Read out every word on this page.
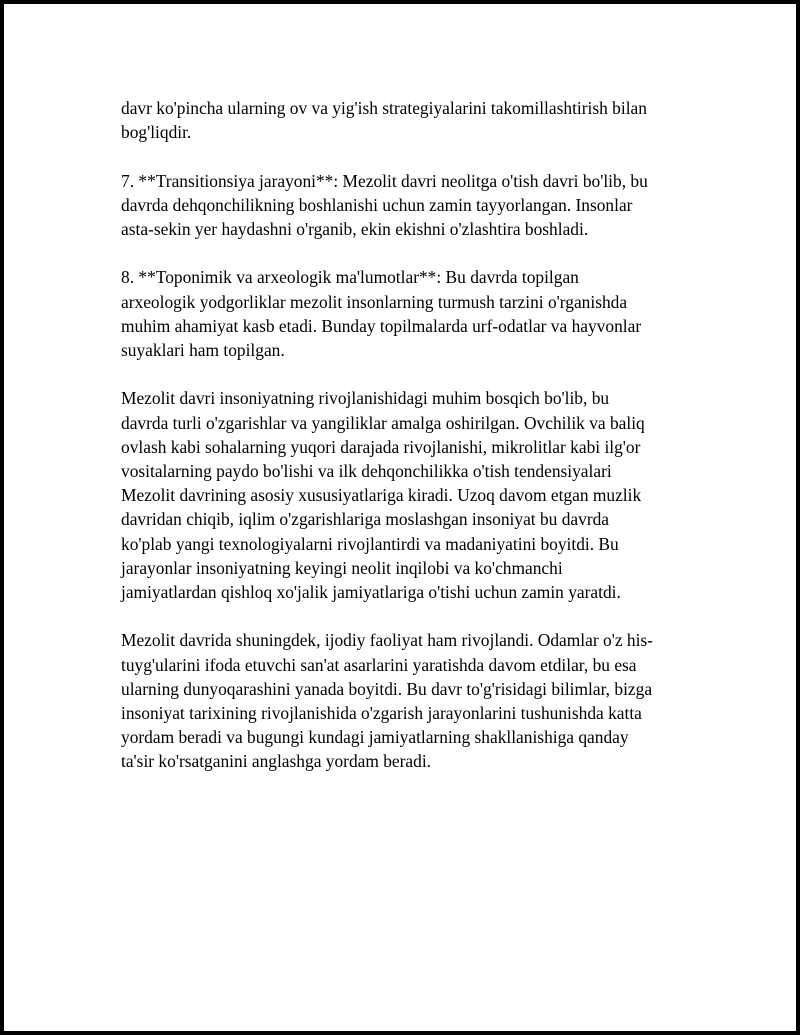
davr ko'pincha ularning ov va yig'ish strategiyalarini takomillashtirish bilan
bog'liqdir.

7. **Transitionsiya jarayoni**: Mezolit davri neolitga o'tish davri bo'lib, bu
davrda dehqonchilikning boshlanishi uchun zamin tayyorlangan. Insonlar
asta-sekin yer haydashni o'rganib, ekin ekishni o'zlashtira boshladi.

8. **Toponimik va arxeologik ma'lumotlar**: Bu davrda topilgan
arxeologik yodgorliklar mezolit insonlarning turmush tarzini o'rganishda
muhim ahamiyat kasb etadi. Bunday topilmalarda urf-odatlar va hayvonlar
suyaklari ham topilgan.

Mezolit davri insoniyatning rivojlanishidagi muhim bosqich bo'lib, bu
davrda turli o'zgarishlar va yangiliklar amalga oshirilgan. Ovchilik va baliq
ovlash kabi sohalarning yuqori darajada rivojlanishi, mikrolitlar kabi ilg'or
vositalarning paydo bo'lishi va ilk dehqonchilikka o'tish tendensiyalari
Mezolit davrining asosiy xususiyatlariga kiradi. Uzoq davom etgan muzlik
davridan chiqib, iqlim o'zgarishlariga moslashgan insoniyat bu davrda
ko'plab yangi texnologiyalarni rivojlantirdi va madaniyatini boyitdi. Bu
jarayonlar insoniyatning keyingi neolit inqilobi va ko'chmanchi
jamiyatlardan qishloq xo'jalik jamiyatlariga o'tishi uchun zamin yaratdi.

Mezolit davrida shuningdek, ijodiy faoliyat ham rivojlandi. Odamlar o'z his-
tuyg'ularini ifoda etuvchi san'at asarlarini yaratishda davom etdilar, bu esa
ularning dunyoqarashini yanada boyitdi. Bu davr to'g'risidagi bilimlar, bizga
insoniyat tarixining rivojlanishida o'zgarish jarayonlarini tushunishda katta
yordam beradi va bugungi kundagi jamiyatlarning shakllanishiga qanday
ta'sir ko'rsatganini anglashga yordam beradi.
